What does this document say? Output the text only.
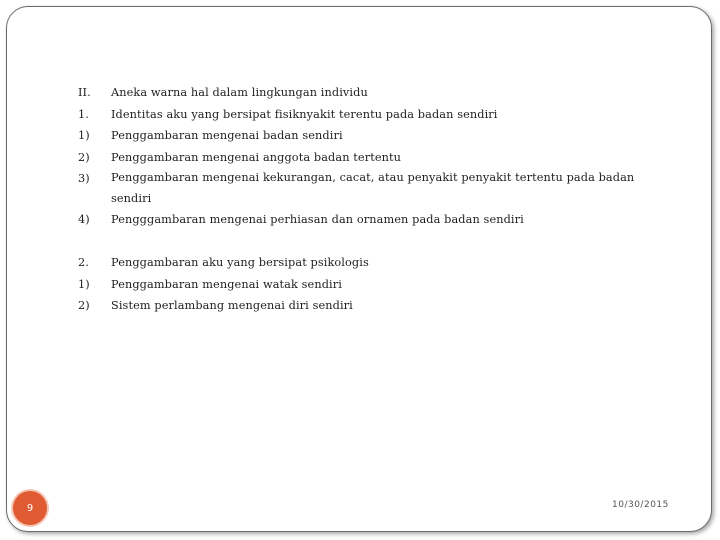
II.	Aneka warna hal dalam lingkungan individu
1.	Identitas aku yang bersipat fisiknyakit terentu pada badan sendiri
1)	Penggambaran mengenai badan sendiri
2)	Penggambaran mengenai anggota badan tertentu
3)	Penggambaran mengenai kekurangan, cacat, atau penyakit penyakit tertentu pada badan sendiri
4)	Pengggambaran mengenai perhiasan dan ornamen pada badan sendiri
2.	Penggambaran aku yang bersipat psikologis
1)	Penggambaran mengenai watak sendiri
2)	Sistem perlambang mengenai diri sendiri
9	10/30/2015
